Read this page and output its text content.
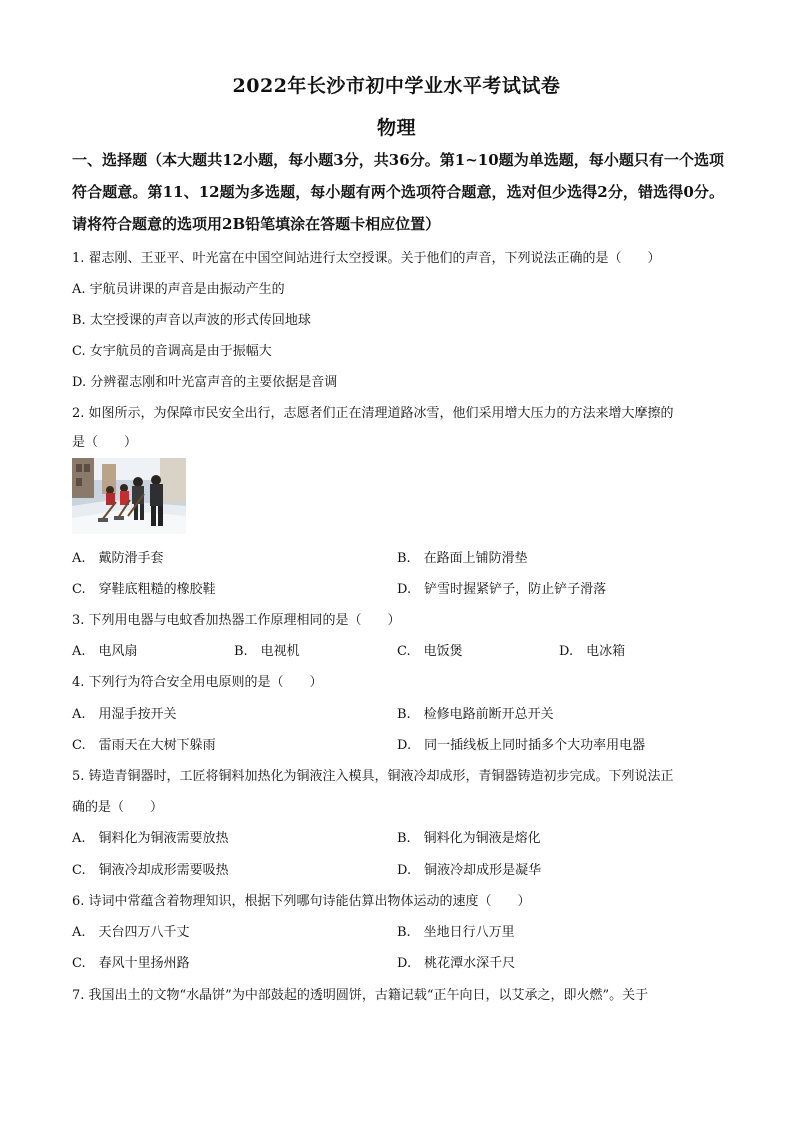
2022年长沙市初中学业水平考试试卷
物理
一、选择题（本大题共12小题，每小题3分，共36分。第1~10题为单选题，每小题只有一个选项符合题意。第11、12题为多选题，每小题有两个选项符合题意，选对但少选得2分，错选得0分。请将符合题意的选项用2B铅笔填涂在答题卡相应位置）
1. 翟志刚、王亚平、叶光富在中国空间站进行太空授课。关于他们的声音，下列说法正确的是（　　）
A. 宇航员讲课的声音是由振动产生的
B. 太空授课的声音以声波的形式传回地球
C. 女宇航员的音调高是由于振幅大
D. 分辨翟志刚和叶光富声音的主要依据是音调
2. 如图所示，为保障市民安全出行，志愿者们正在清理道路冰雪，他们采用增大压力的方法来增大摩擦的
是（　　）
A.　戴防滑手套	B.　在路面上铺防滑垫
C.　穿鞋底粗糙的橡胶鞋	D.　铲雪时握紧铲子，防止铲子滑落
3. 下列用电器与电蚊香加热器工作原理相同的是（　　）
A.　电风扇	B.　电视机	C.　电饭煲	D.　电冰箱
4. 下列行为符合安全用电原则的是（　　）
A.　用湿手按开关	B.　检修电路前断开总开关
C.　雷雨天在大树下躲雨	D.　同一插线板上同时插多个大功率用电器
5. 铸造青铜器时，工匠将铜料加热化为铜液注入模具，铜液冷却成形，青铜器铸造初步完成。下列说法正
确的是（　　）
A.　铜料化为铜液需要放热	B.　铜料化为铜液是熔化
C.　铜液冷却成形需要吸热	D.　铜液冷却成形是凝华
6. 诗词中常蕴含着物理知识，根据下列哪句诗能估算出物体运动的速度（　　）
A.　天台四万八千丈	B.　坐地日行八万里
C.　春风十里扬州路	D.　桃花潭水深千尺
7. 我国出土的文物“水晶饼”为中部鼓起的透明圆饼，古籍记载“正午向日，以艾承之，即火燃”。关于
